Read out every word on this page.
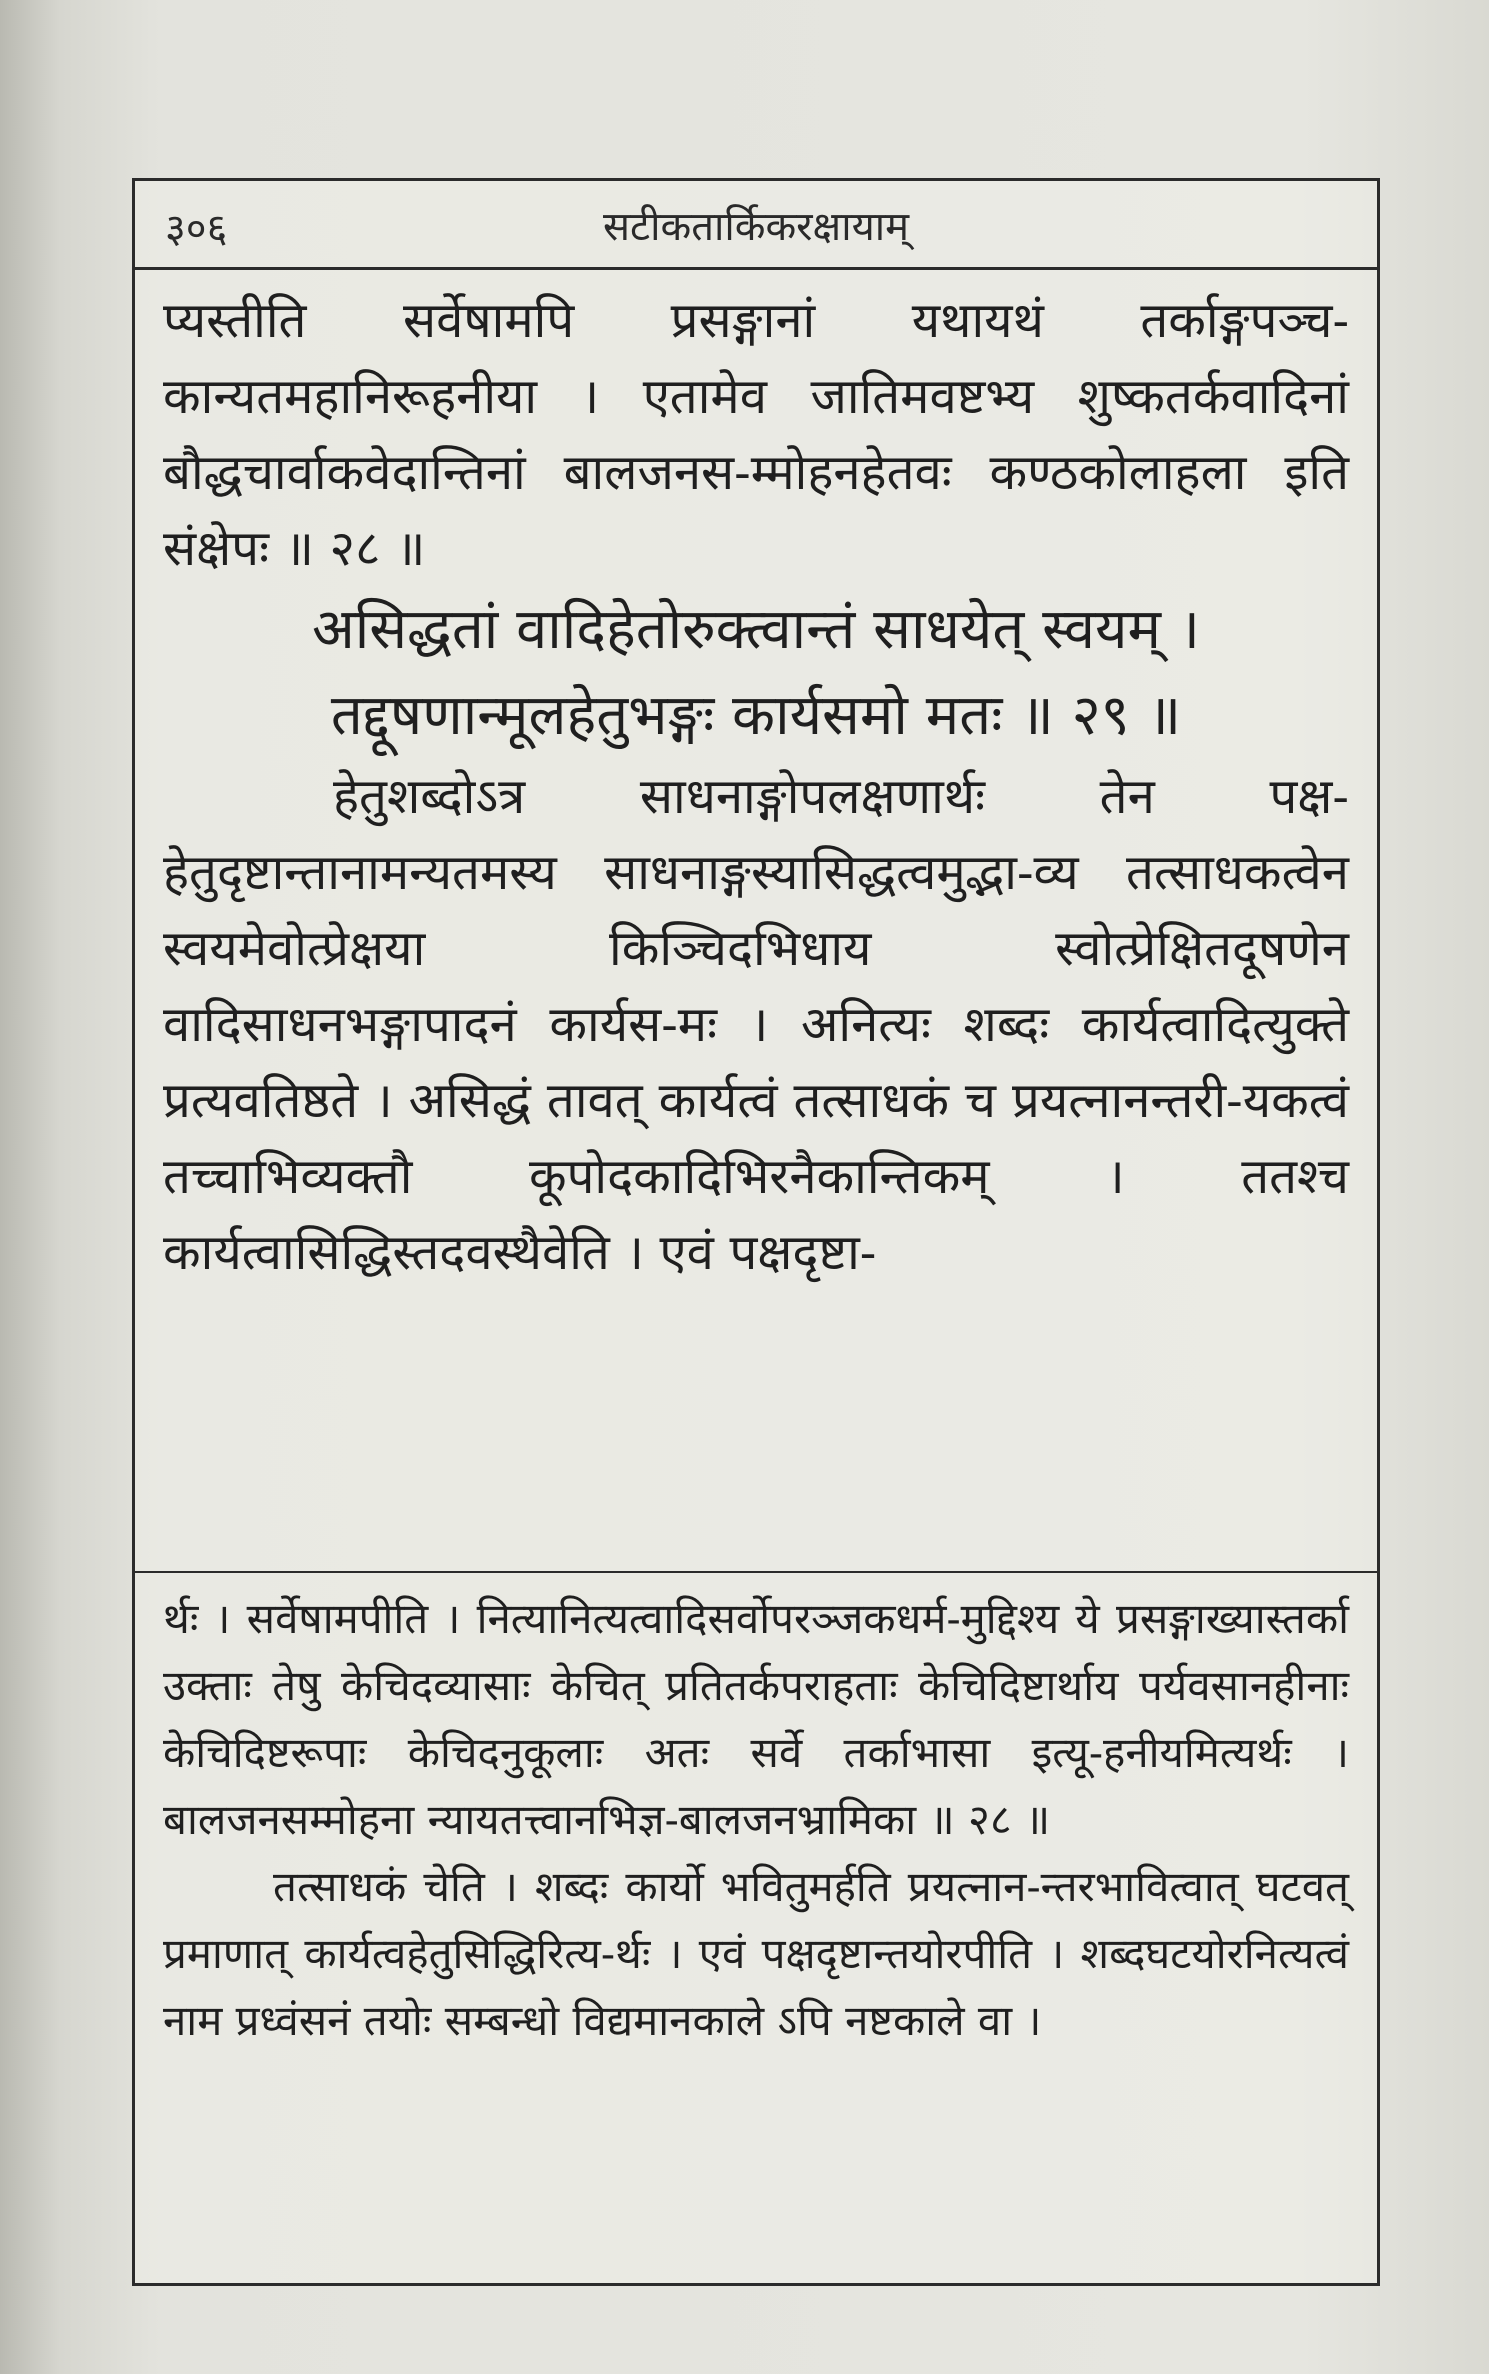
३०६	सटीकतार्किकरक्षायाम्

प्यस्तीति सर्वेषामपि प्रसङ्गानां यथायथं तर्काङ्गपञ्च-कान्यतमहानिरूहनीया । एतामेव जातिमवष्टभ्य शुष्कतर्कवादिनां बौद्धचार्वाकवेदान्तिनां बालजनस-म्मोहनहेतवः कण्ठकोलाहला इति संक्षेपः ॥ २८ ॥

असिद्धतां वादिहेतोरुक्त्वान्तं साधयेत् स्वयम् ।

तद्दूषणान्मूलहेतुभङ्गः कार्यसमो मतः ॥ २९ ॥

हेतुशब्दोऽत्र साधनाङ्गोपलक्षणार्थः तेन पक्ष-हेतुदृष्टान्तानामन्यतमस्य साधनाङ्गस्यासिद्धत्वमुद्भा-व्य तत्साधकत्वेन स्वयमेवोत्प्रेक्षया किञ्चिदभिधाय स्वोत्प्रेक्षितदूषणेन वादिसाधनभङ्गापादनं कार्यस-मः । अनित्यः शब्दः कार्यत्वादित्युक्ते प्रत्यवतिष्ठते । असिद्धं तावत् कार्यत्वं तत्साधकं च प्रयत्नानन्तरी-यकत्वं तच्चाभिव्यक्तौ कूपोदकादिभिरनैकान्तिकम् । ततश्च कार्यत्वासिद्धिस्तदवस्थैवेति । एवं पक्षदृष्टा-

र्थः । सर्वेषामपीति । नित्यानित्यत्वादिसर्वोपरञ्जकधर्म-मुद्दिश्य ये प्रसङ्गाख्यास्तर्का उक्ताः तेषु केचिदव्यासाः केचित् प्रतितर्कपराहताः केचिदिष्टार्थाय पर्यवसानहीनाः केचिदिष्टरूपाः केचिदनुकूलाः अतः सर्वे तर्काभासा इत्यू-हनीयमित्यर्थः । बालजनसम्मोहना न्यायतत्त्वानभिज्ञ-बालजनभ्रामिका ॥ २८ ॥

तत्साधकं चेति । शब्दः कार्यो भवितुमर्हति प्रयत्नान-न्तरभावित्वात् घटवत् प्रमाणात् कार्यत्वहेतुसिद्धिरित्य-र्थः । एवं पक्षदृष्टान्तयोरपीति । शब्दघटयोरनित्यत्वं नाम प्रध्वंसनं तयोः सम्बन्धो विद्यमानकाले ऽपि नष्टकाले वा ।
